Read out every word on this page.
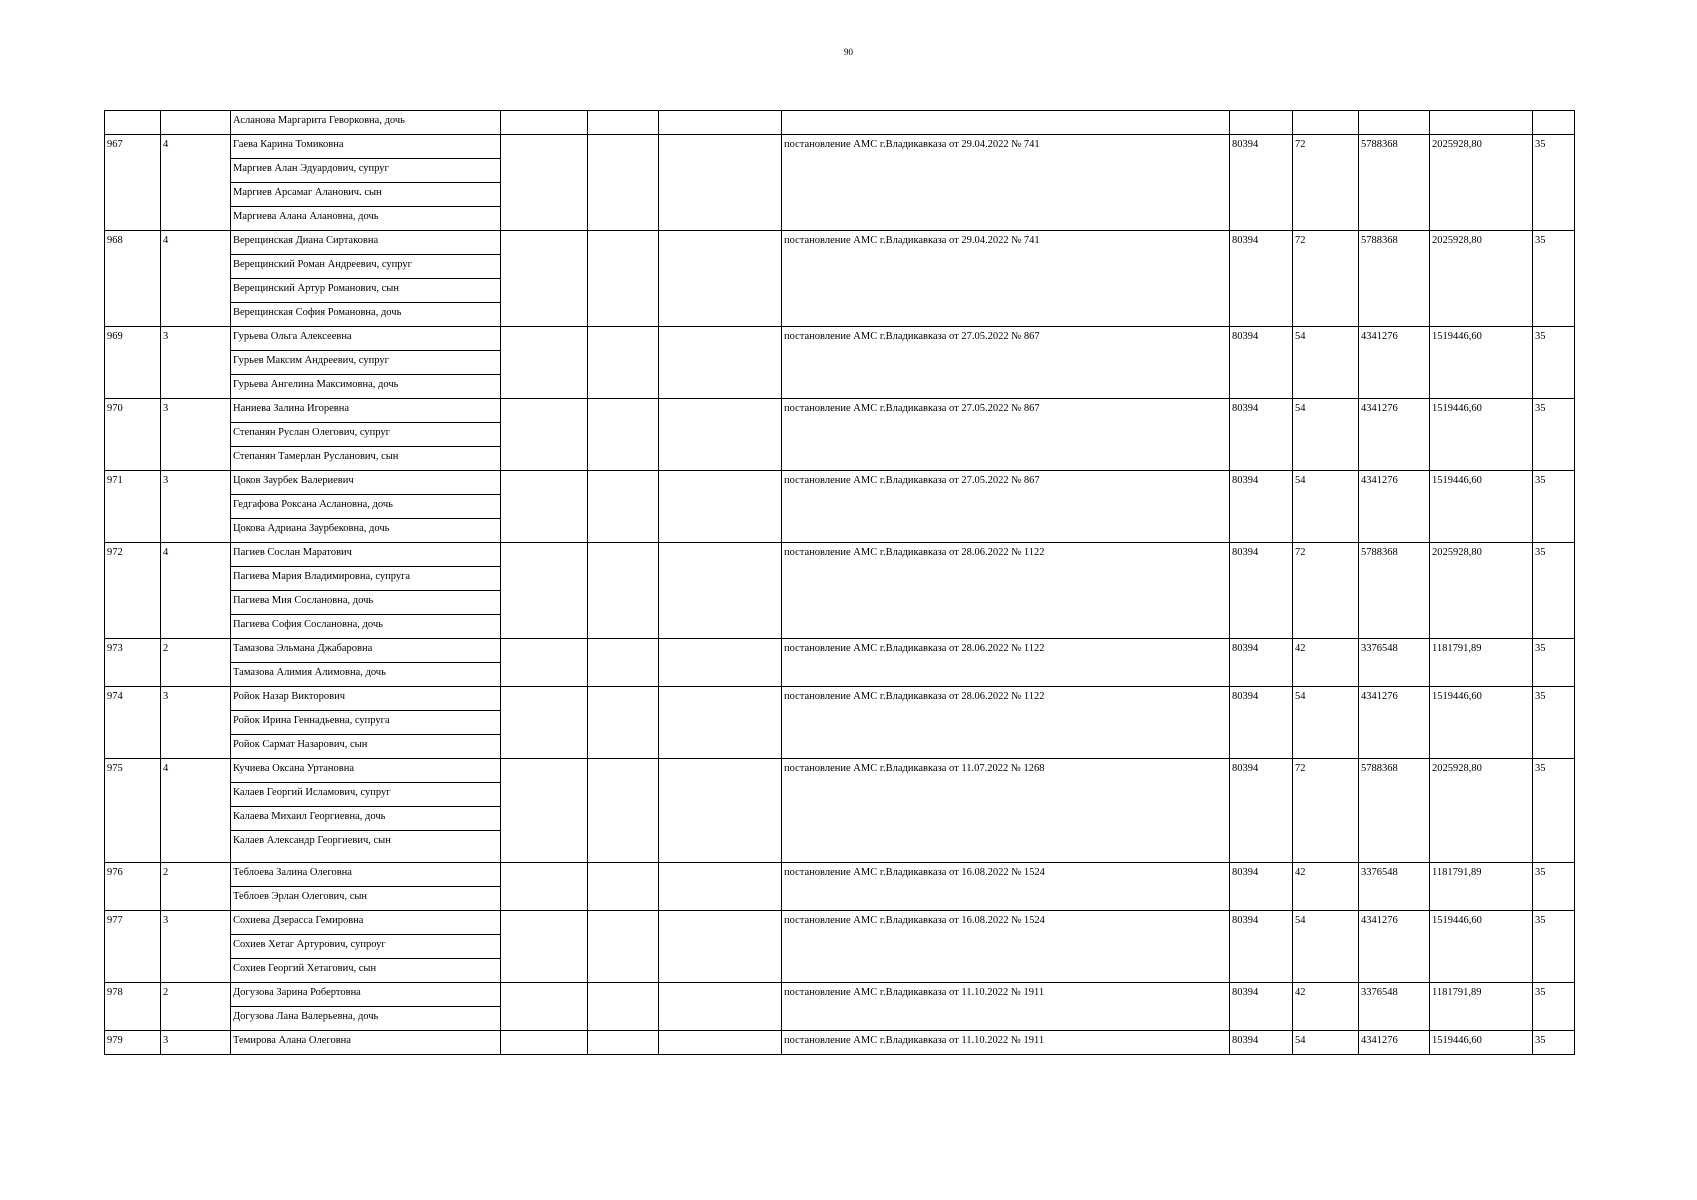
90
		Асланова Маргарита Геворковна, дочь									
967	4	Гаева Карина Томиковна				постановление АМС г.Владикавказа от 29.04.2022 № 741	80394	72	5788368	2025928,80	35
		Маргиев Алан Эдуардович, супруг									
		Маргиев Арсамаг Аланович. сын									
		Маргиева Алана Алановна, дочь									
968	4	Верещинская Диана Сиртаковна				постановление АМС г.Владикавказа от 29.04.2022 № 741	80394	72	5788368	2025928,80	35
		Верещинский Роман Андреевич, супруг									
		Верещинский Артур Романович, сын									
		Верещинская София Романовна, дочь									
969	3	Гурьева Ольга Алексеевна				постановление АМС г.Владикавказа от 27.05.2022 № 867	80394	54	4341276	1519446,60	35
		Гурьев Максим Андреевич, супруг									
		Гурьева Ангелина Максимовна, дочь									
970	3	Наниева Залина Игоревна				постановление АМС г.Владикавказа от 27.05.2022 № 867	80394	54	4341276	1519446,60	35
		Степанян Руслан Олегович, супруг									
		Степанян Тамерлан Русланович, сын									
971	3	Цоков Заурбек Валериевич				постановление АМС г.Владикавказа от 27.05.2022 № 867	80394	54	4341276	1519446,60	35
		Гедгафова Роксана Аслановна, дочь									
		Цокова Адриана Заурбековна, дочь									
972	4	Пагиев Сослан Маратович				постановление АМС г.Владикавказа от 28.06.2022 № 1122	80394	72	5788368	2025928,80	35
		Пагиева Мария Владимировна, супруга									
		Пагиева Мия Сослановна, дочь									
		Пагиева София Сослановна, дочь									
973	2	Тамазова Эльмана Джабаровна				постановление АМС г.Владикавказа от 28.06.2022 № 1122	80394	42	3376548	1181791,89	35
		Тамазова Алимия Алимовна, дочь									
974	3	Ройок Назар Викторович				постановление АМС г.Владикавказа от 28.06.2022 № 1122	80394	54	4341276	1519446,60	35
		Ройок Ирина Геннадьевна, супруга									
		Ройок Сармат Назарович, сын									
975	4	Кучиева Оксана Уртановна				постановление АМС г.Владикавказа от 11.07.2022 № 1268	80394	72	5788368	2025928,80	35
		Калаев Георгий Исламович, супруг									
		Калаева Михаил Георгиевна, дочь									
		Калаев Александр Георгиевич, сын									
976	2	Теблоева Залина Олеговна				постановление АМС г.Владикавказа от 16.08.2022 № 1524	80394	42	3376548	1181791,89	35
		Теблоев Эрлан Олегович, сын									
977	3	Сохиева Дзерасса Гемировна				постановление АМС г.Владикавказа от 16.08.2022 № 1524	80394	54	4341276	1519446,60	35
		Сохиев Хетаг Артурович, супроуг									
		Сохиев Георгий Хетагович, сын									
978	2	Догузова Зарина Робертовна				постановление АМС г.Владикавказа от 11.10.2022 № 1911	80394	42	3376548	1181791,89	35
		Догузова Лана Валерьевна, дочь									
979	3	Темирова Алана Олеговна				постановление АМС г.Владикавказа от 11.10.2022 № 1911	80394	54	4341276	1519446,60	35
